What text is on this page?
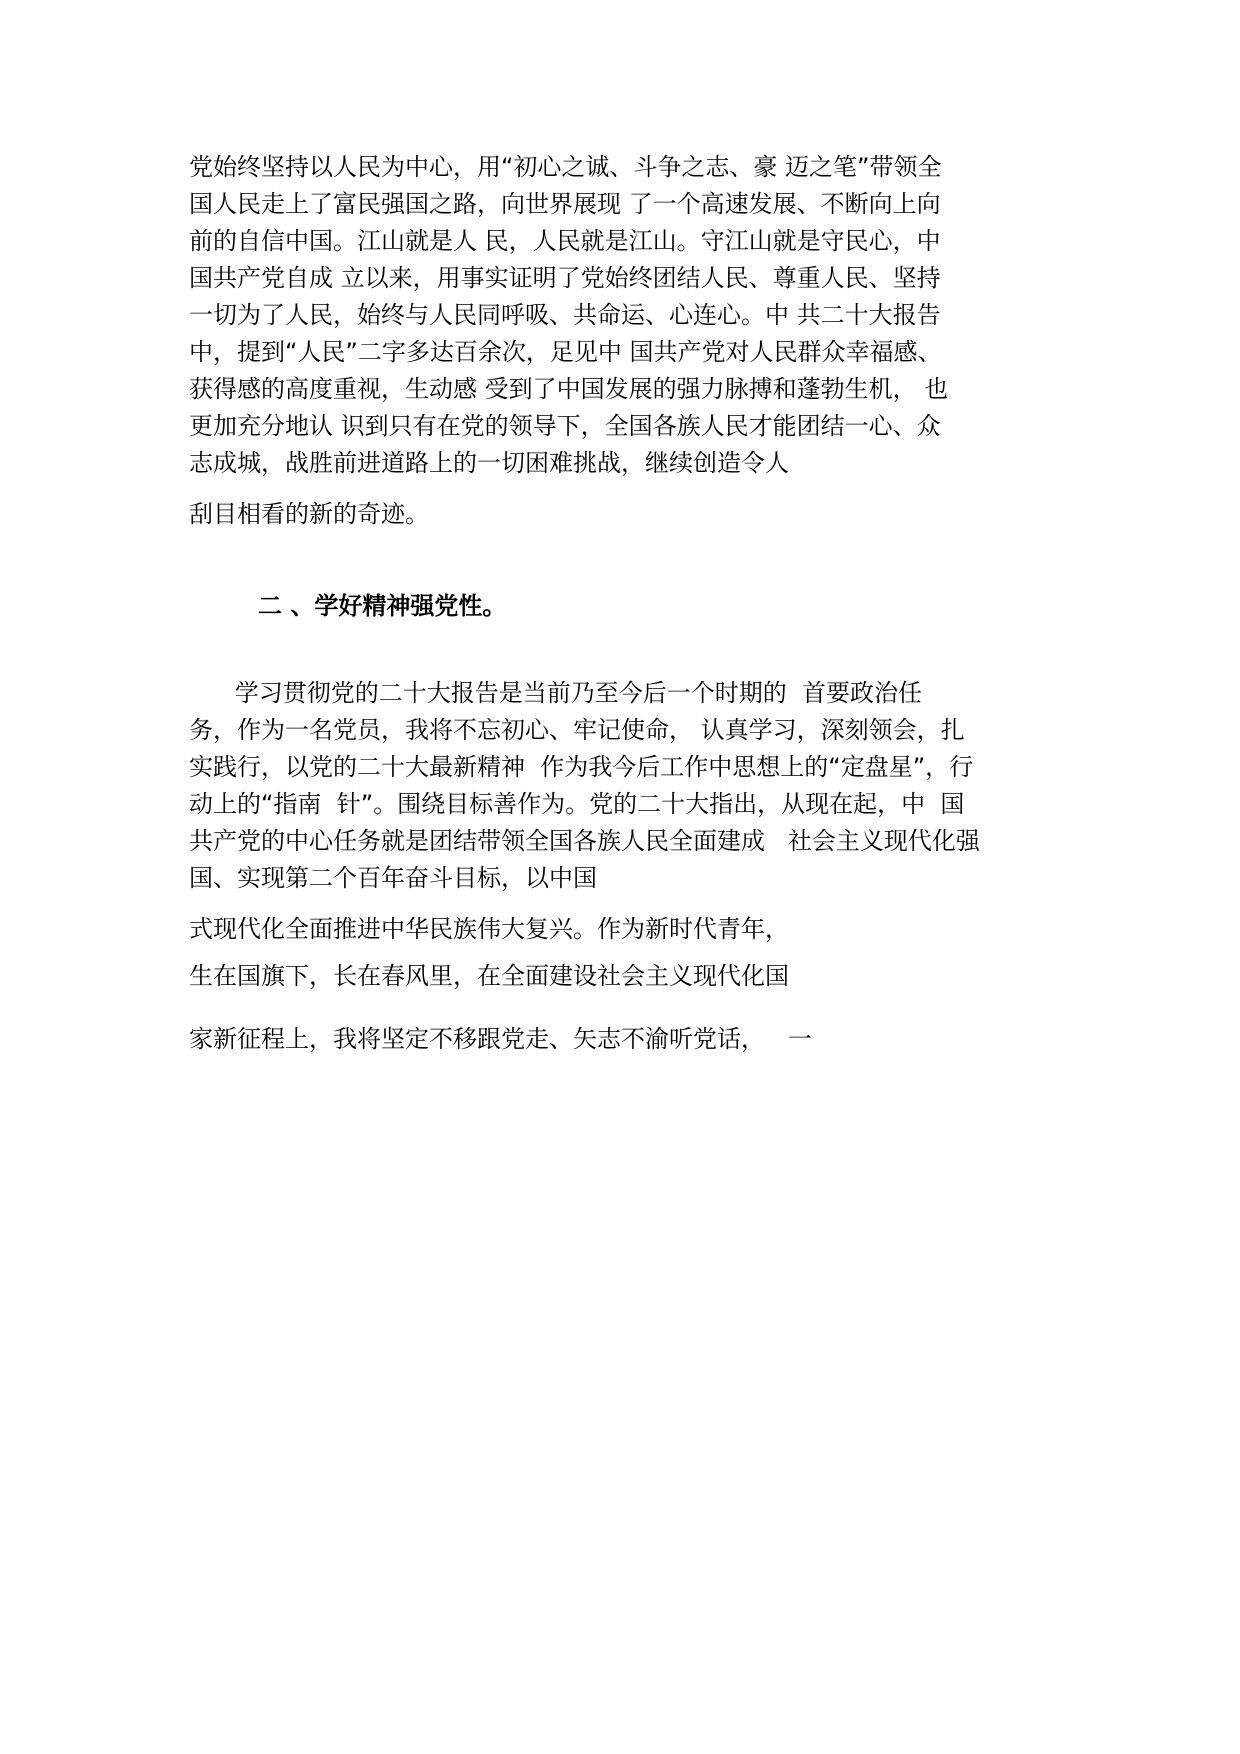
党始终坚持以人民为中心，用“初心之诚、斗争之志、豪 迈之笔”带领全
国人民走上了富民强国之路，向世界展现 了一个高速发展、不断向上向
前的自信中国。江山就是人 民，人民就是江山。守江山就是守民心，中
国共产党自成 立以来，用事实证明了党始终团结人民、尊重人民、坚持
一切为了人民，始终与人民同呼吸、共命运、心连心。中 共二十大报告
中，提到“人民”二字多达百余次，足见中 国共产党对人民群众幸福感、
获得感的高度重视，生动感 受到了中国发展的强力脉搏和蓬勃生机， 也
更加充分地认 识到只有在党的领导下，全国各族人民才能团结一心、众
志成城，战胜前进道路上的一切困难挑战，继续创造令人
刮目相看的新的奇迹。
二 、学好精神强党性。
学习贯彻党的二十大报告是当前乃至今后一个时期的  首要政治任
务，作为一名党员，我将不忘初心、牢记使命， 认真学习，深刻领会，扎
实践行，以党的二十大最新精神  作为我今后工作中思想上的“定盘星”，行
动上的“指南  针”。围绕目标善作为。党的二十大指出，从现在起，中  国
共产党的中心任务就是团结带领全国各族人民全面建成   社会主义现代化强
国、实现第二个百年奋斗目标，以中国
式现代化全面推进中华民族伟大复兴。作为新时代青年，
生在国旗下，长在春风里，在全面建设社会主义现代化国
家新征程上，我将坚定不移跟党走、矢志不渝听党话，   一
